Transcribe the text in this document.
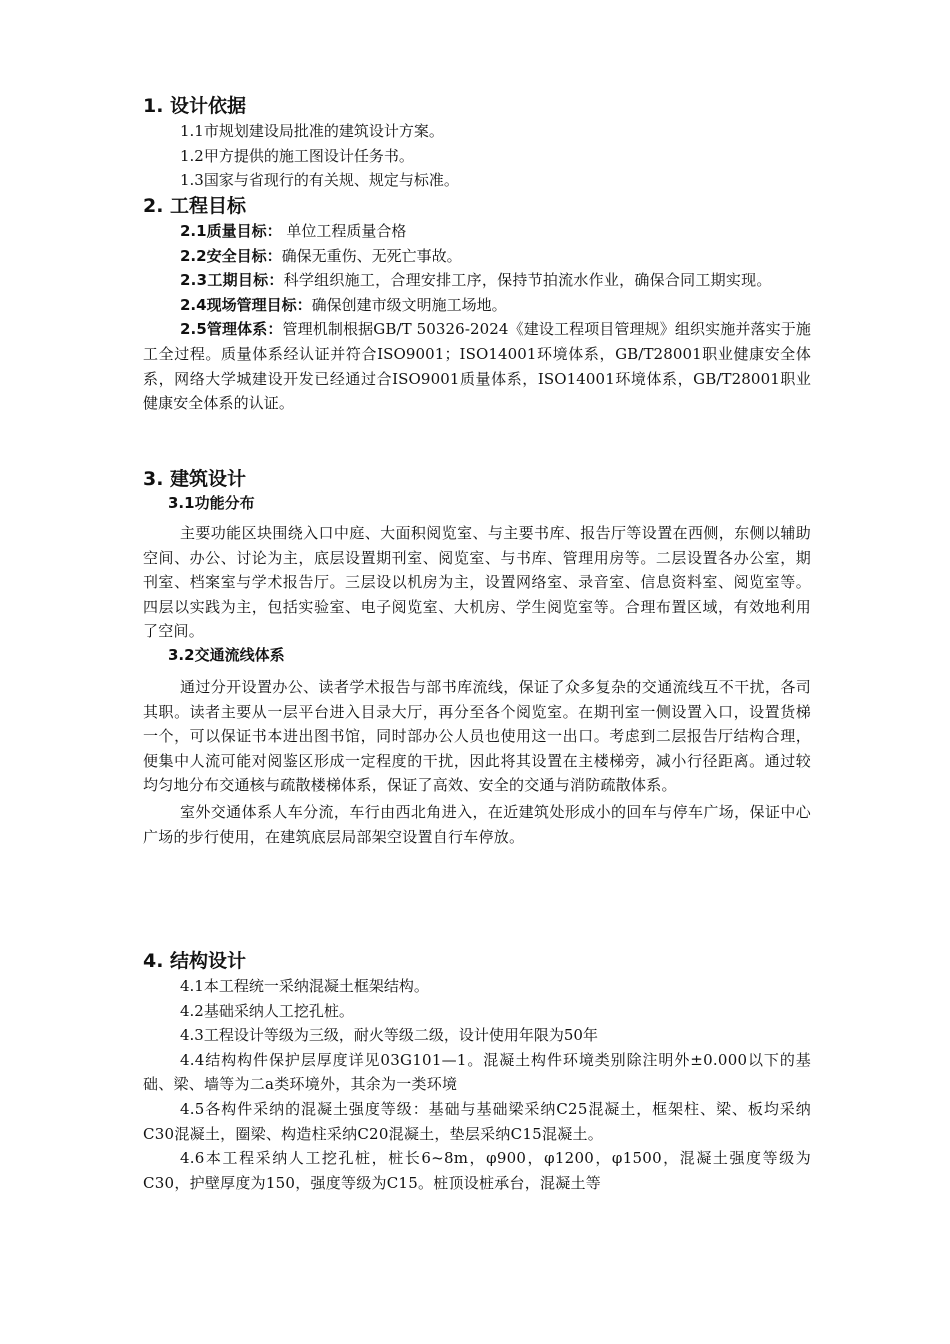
1. 设计依据
1.1市规划建设局批准的建筑设计方案。
1.2甲方提供的施工图设计任务书。
1.3国家与省现行的有关规、规定与标准。
2. 工程目标
2.1质量目标： 单位工程质量合格
2.2安全目标：确保无重伤、无死亡事故。
2.3工期目标：科学组织施工，合理安排工序，保持节拍流水作业，确保合同工期实现。
2.4现场管理目标：确保创建市级文明施工场地。
2.5管理体系：管理机制根据GB/T 50326-2024《建设工程项目管理规》组织实施并落实于施工全过程。质量体系经认证并符合ISO9001；ISO14001环境体系，GB/T28001职业健康安全体系，网络大学城建设开发已经通过合ISO9001质量体系，ISO14001环境体系，GB/T28001职业健康安全体系的认证。
3. 建筑设计
3.1功能分布
主要功能区块围绕入口中庭、大面积阅览室、与主要书库、报告厅等设置在西侧，东侧以辅助空间、办公、讨论为主，底层设置期刊室、阅览室、与书库、管理用房等。二层设置各办公室，期刊室、档案室与学术报告厅。三层设以机房为主，设置网络室、录音室、信息资料室、阅览室等。四层以实践为主，包括实验室、电子阅览室、大机房、学生阅览室等。合理布置区域，有效地利用了空间。
3.2交通流线体系
通过分开设置办公、读者学术报告与部书库流线，保证了众多复杂的交通流线互不干扰，各司其职。读者主要从一层平台进入目录大厅，再分至各个阅览室。在期刊室一侧设置入口，设置货梯一个，可以保证书本进出图书馆，同时部办公人员也使用这一出口。考虑到二层报告厅结构合理，便集中人流可能对阅鉴区形成一定程度的干扰，因此将其设置在主楼梯旁，减小行径距离。通过较均匀地分布交通核与疏散楼梯体系，保证了高效、安全的交通与消防疏散体系。
室外交通体系人车分流，车行由西北角进入，在近建筑处形成小的回车与停车广场，保证中心广场的步行使用，在建筑底层局部架空设置自行车停放。
4. 结构设计
4.1本工程统一采纳混凝土框架结构。
4.2基础采纳人工挖孔桩。
4.3工程设计等级为三级，耐火等级二级，设计使用年限为50年
4.4结构构件保护层厚度详见03G101—1。混凝土构件环境类别除注明外±0.000以下的基础、梁、墙等为二a类环境外，其余为一类环境
4.5各构件采纳的混凝土强度等级：基础与基础梁采纳C25混凝土，框架柱、梁、板均采纳C30混凝土，圈梁、构造柱采纳C20混凝土，垫层采纳C15混凝土。
4.6本工程采纳人工挖孔桩，桩长6~8m，φ900，φ1200，φ1500，混凝土强度等级为C30，护壁厚度为150，强度等级为C15。桩顶设桩承台，混凝土等
